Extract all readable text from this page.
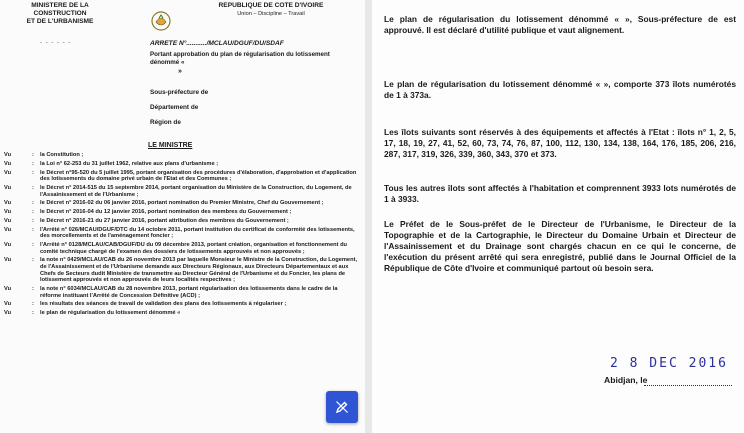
MINISTERE DE LA CONSTRUCTION
ET DE L'URBANISME
REPUBLIQUE DE COTE D'IVOIRE
Union – Discipline – Travail
- - - - - -	ARRETE N°.........../MCLAU/DGUF/DU/SDAF
Portant approbation du plan de régularisation du lotissement dénommé «
»
Sous-préfecture de
Département de
Région de
LE MINISTRE
Vu	:	la Constitution ;
Vu	:	la Loi n° 62-253 du 31 juillet 1962, relative aux plans d'urbanisme ;
Vu	:	le Décret n°95-520 du 5 juillet 1995, portant organisation des procédures d'élaboration, d'approbation et d'application des lotissements du domaine privé urbain de l'Etat et des Communes ;
Vu	:	le Décret n° 2014-515 du 15 septembre 2014, portant organisation du Ministère de la Construction, du Logement, de l'Assainissement et de l'Urbanisme ;
Vu	:	le Décret n° 2016-02 du 06 janvier 2016, portant nomination du Premier Ministre, Chef du Gouvernement ;
Vu	:	le Décret n° 2016-04 du 12 janvier 2016, portant nomination des membres du Gouvernement ;
Vu	:	le Décret n° 2016-21 du 27 janvier 2016, portant attribution des membres du Gouvernement ;
Vu	:	l'Arrêté n° 026/MCAU/DGUF/DTC du 14 octobre 2011, portant institution du certificat de conformité des lotissements, des morcellements et de l'aménagement foncier ;
Vu	:	l'Arrêté n° 0128/MCLAU/CAB/DGUF/DU du 09 décembre 2013, portant création, organisation et fonctionnement du comité technique chargé de l'examen des dossiers de lotissements approuvés et non approuvés ;
Vu	:	la note n° 0429/MCLAU/CAB du 26 novembre 2013 par laquelle Monsieur le Ministre de la Construction, du Logement, de l'Assainissement et de l'Urbanisme demande aux Directeurs Régionaux, aux Directeurs Départementaux et aux Chefs de Secteurs dudit Ministère de transmettre au Directeur Général de l'Urbanisme et du Foncier, les plans de lotissement approuvés et non approuvés de leurs localités respectives ;
Vu	:	la note n° 6034/MCLAU/CAB du 28 novembre 2013, portant régularisation des lotissements dans le cadre de la réforme instituant l'Arrêté de Concession Définitive (ACD) ;
Vu	:	les résultats des séances de travail de validation des plans des lotissements à régulariser ;
Vu	:	le plan de régularisation du lotissement dénommé «
Le plan de régularisation du lotissement dénommé « », Sous-préfecture de est approuvé. Il est déclaré d'utilité publique et vaut alignement.
Le plan de régularisation du lotissement dénommé « », comporte 373 îlots numérotés de 1 à 373a.
Les îlots suivants sont réservés à des équipements et affectés à l'Etat : îlots n° 1, 2, 5, 17, 18, 19, 27, 41, 52, 60, 73, 74, 76, 87, 100, 112, 130, 134, 138, 164, 176, 185, 206, 216, 287, 317, 319, 326, 339, 360, 343, 370 et 373.
Tous les autres îlots sont affectés à l'habitation et comprennent 3933 lots numérotés de 1 à 3933.
Le Préfet de le Sous-préfet de le Directeur de l'Urbanisme, le Directeur de la Topographie et de la Cartographie, le Directeur du Domaine Urbain et Directeur de l'Assainissement et du Drainage sont chargés chacun en ce qui le concerne, de l'exécution du présent arrêté qui sera enregistré, publié dans le Journal Officiel de la République de Côte d'Ivoire et communiqué partout où besoin sera.
2 8 DEC 2016
Abidjan, le
